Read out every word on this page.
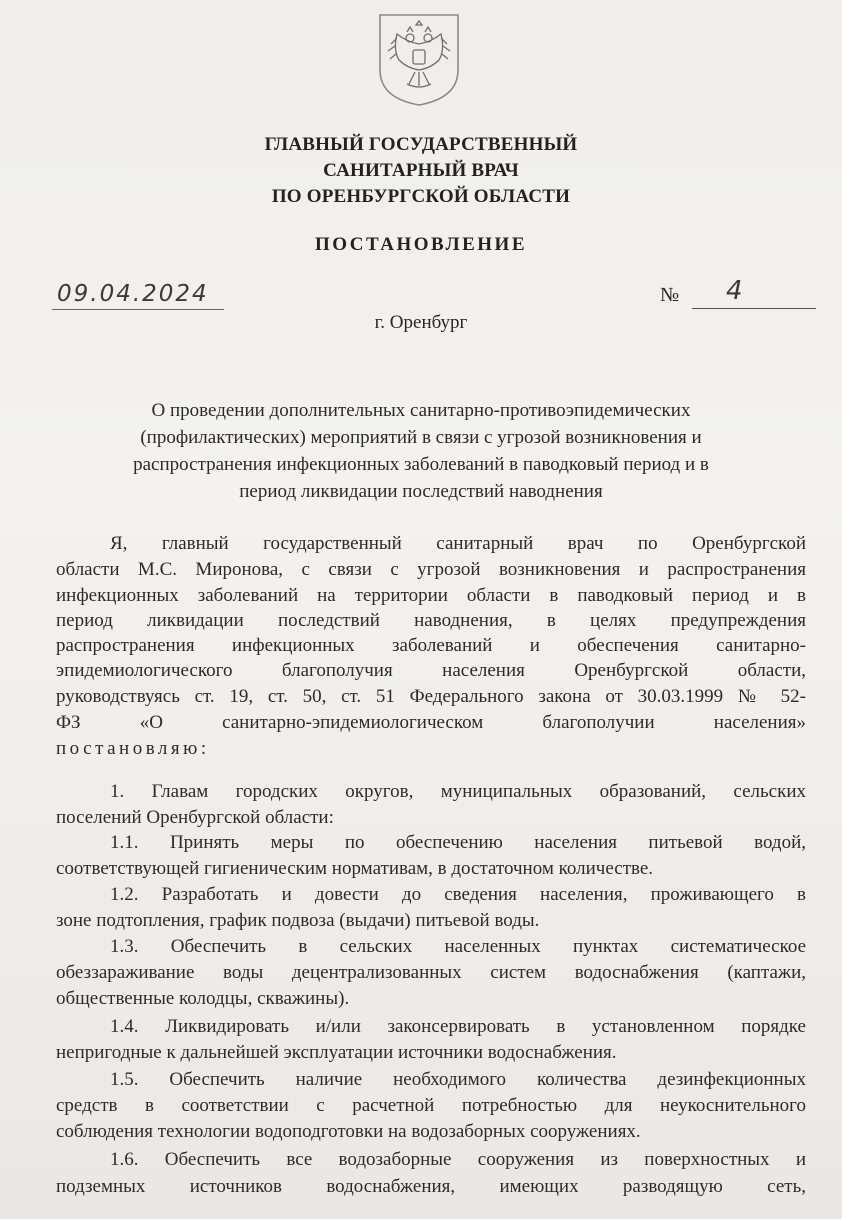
ГЛАВНЫЙ ГОСУДАРСТВЕННЫЙ
САНИТАРНЫЙ ВРАЧ
ПО ОРЕНБУРГСКОЙ ОБЛАСТИ
ПОСТАНОВЛЕНИЕ
09.04.2024	№ 4
г. Оренбург
О проведении дополнительных санитарно-противоэпидемических
(профилактических) мероприятий в связи с угрозой возникновения и
распространения инфекционных заболеваний в паводковый период и в
период ликвидации последствий наводнения
Я, главный государственный санитарный врач по Оренбургской
области М.С. Миронова, с связи с угрозой возникновения и распространения
инфекционных заболеваний на территории области в паводковый период и в
период ликвидации последствий наводнения, в целях предупреждения
распространения инфекционных заболеваний и обеспечения санитарно-
эпидемиологического благополучия населения Оренбургской области,
руководствуясь ст. 19, ст. 50, ст. 51 Федерального закона от 30.03.1999 № 52-
ФЗ «О санитарно-эпидемиологическом благополучии населения»
постановляю:
1. Главам городских округов, муниципальных образований, сельских
поселений Оренбургской области:
1.1. Принять меры по обеспечению населения питьевой водой,
соответствующей гигиеническим нормативам, в достаточном количестве.
1.2. Разработать и довести до сведения населения, проживающего в
зоне подтопления, график подвоза (выдачи) питьевой воды.
1.3. Обеспечить в сельских населенных пунктах систематическое
обеззараживание воды децентрализованных систем водоснабжения (каптажи,
общественные колодцы, скважины).
1.4. Ликвидировать и/или законсервировать в установленном порядке
непригодные к дальнейшей эксплуатации источники водоснабжения.
1.5. Обеспечить наличие необходимого количества дезинфекционных
средств в соответствии с расчетной потребностью для неукоснительного
соблюдения технологии водоподготовки на водозаборных сооружениях.
1.6. Обеспечить все водозаборные сооружения из поверхностных и
подземных источников водоснабжения, имеющих разводящую сеть,
